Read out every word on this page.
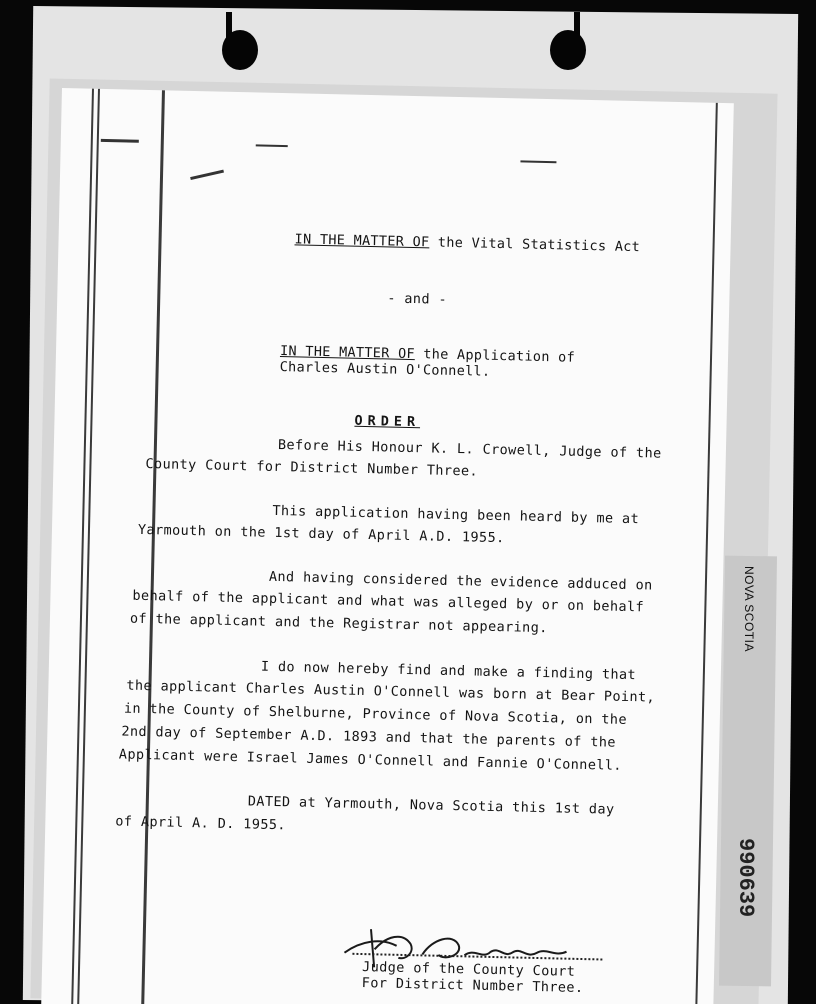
NOVA SCOTIA
990639
IN THE MATTER OF the Vital Statistics Act
- and -
IN THE MATTER OF the Application of
Charles Austin O'Connell.
ORDER
Before His Honour K. L. Crowell, Judge of the
County Court for District Number Three.
This application having been heard by me at
Yarmouth on the 1st day of April A.D. 1955.
And having considered the evidence adduced on
behalf of the applicant and what was alleged by or on behalf
of the applicant and the Registrar not appearing.
I do now hereby find and make a finding that
the applicant Charles Austin O'Connell was born at Bear Point,
in the County of Shelburne, Province of Nova Scotia, on the
2nd day of September A.D. 1893 and that the parents of the
Applicant were Israel James O'Connell and Fannie O'Connell.
DATED at Yarmouth, Nova Scotia this 1st day
of April A. D. 1955.
Judge of the County Court
For District Number Three.
